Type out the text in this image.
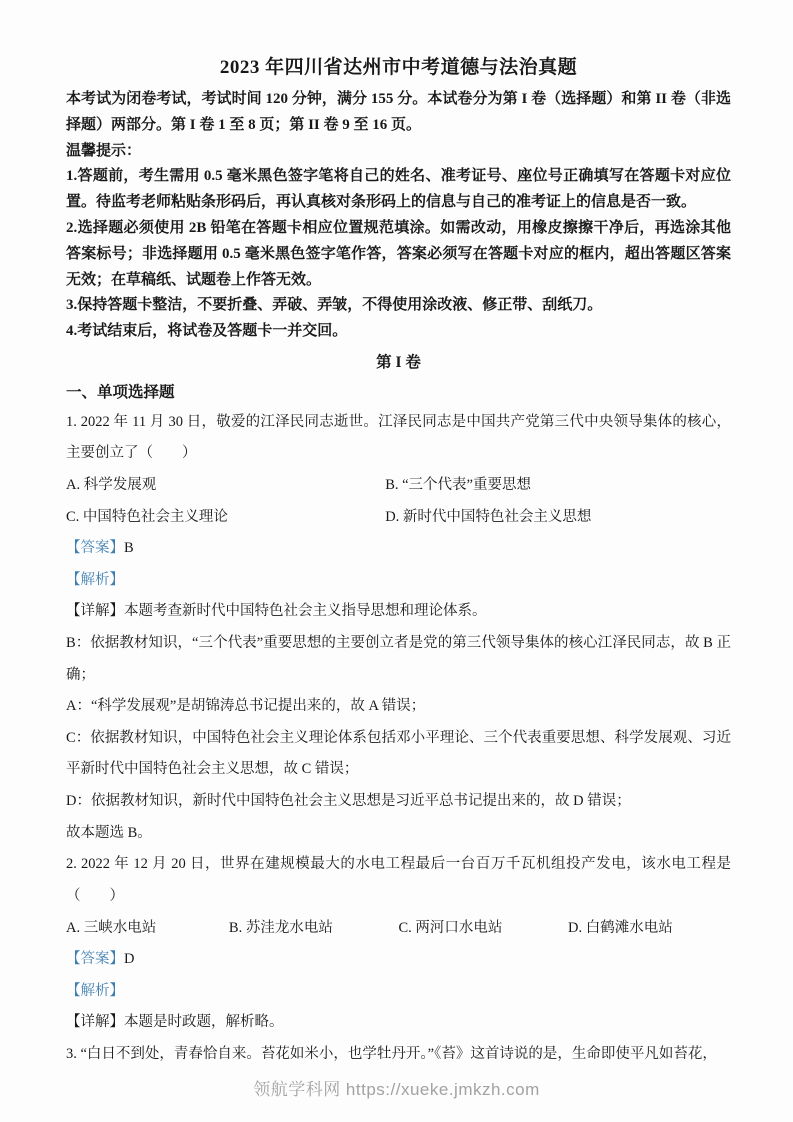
2023 年四川省达州市中考道德与法治真题

本考试为闭卷考试，考试时间 120 分钟，满分 155 分。本试卷分为第 I 卷（选择题）和第 II 卷（非选择题）两部分。第 I 卷 1 至 8 页；第 II 卷 9 至 16 页。

温馨提示：

1.答题前，考生需用 0.5 毫米黑色签字笔将自己的姓名、准考证号、座位号正确填写在答题卡对应位置。待监考老师粘贴条形码后，再认真核对条形码上的信息与自己的准考证上的信息是否一致。

2.选择题必须使用 2B 铅笔在答题卡相应位置规范填涂。如需改动，用橡皮擦擦干净后，再选涂其他答案标号；非选择题用 0.5 毫米黑色签字笔作答，答案必须写在答题卡对应的框内，超出答题区答案无效；在草稿纸、试题卷上作答无效。

3.保持答题卡整洁，不要折叠、弄破、弄皱，不得使用涂改液、修正带、刮纸刀。

4.考试结束后，将试卷及答题卡一并交回。

第 I 卷
一、单项选择题

1. 2022 年 11 月 30 日，敬爱的江泽民同志逝世。江泽民同志是中国共产党第三代中央领导集体的核心，主要创立了（　　）

A. 科学发展观	B. “三个代表”重要思想
C. 中国特色社会主义理论	D. 新时代中国特色社会主义思想

【答案】B

【解析】

【详解】本题考查新时代中国特色社会主义指导思想和理论体系。

B：依据教材知识，“三个代表”重要思想的主要创立者是党的第三代领导集体的核心江泽民同志，故 B 正确；

A：“科学发展观”是胡锦涛总书记提出来的，故 A 错误；

C：依据教材知识，中国特色社会主义理论体系包括邓小平理论、三个代表重要思想、科学发展观、习近平新时代中国特色社会主义思想，故 C 错误；

D：依据教材知识，新时代中国特色社会主义思想是习近平总书记提出来的，故 D 错误；

故本题选 B。

2. 2022 年 12 月 20 日，世界在建规模最大的水电工程最后一台百万千瓦机组投产发电，该水电工程是（　　）

A. 三峡水电站	B. 苏洼龙水电站	C. 两河口水电站	D. 白鹤滩水电站

【答案】D

【解析】

【详解】本题是时政题，解析略。

3. “白日不到处，青春恰自来。苔花如米小，也学牡丹开。”《苔》这首诗说的是，生命即使平凡如苔花，

领航学科网 https://xueke.jmkzh.com
